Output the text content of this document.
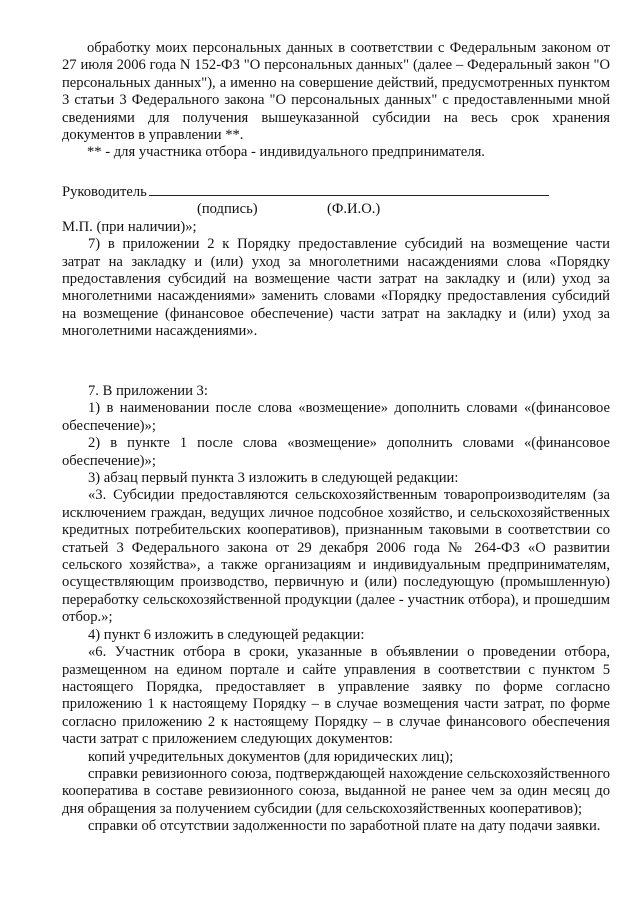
обработку моих персональных данных в соответствии с Федеральным законом от 27 июля 2006 года N 152-ФЗ "О персональных данных" (далее – Федеральный закон "О персональных данных"), а именно на совершение действий, предусмотренных пунктом 3 статьи 3 Федерального закона "О персональных данных" с предоставленными мной сведениями для получения вышеуказанной субсидии на весь срок хранения документов в управлении **.

** - для участника отбора - индивидуального предпринимателя.

Руководитель
(подпись)	(Ф.И.О.)
М.П. (при наличии)»;

7) в приложении 2 к Порядку предоставление субсидий на возмещение части затрат на закладку и (или) уход за многолетними насаждениями слова «Порядку предоставления субсидий на возмещение части затрат на закладку и (или) уход за многолетними насаждениями» заменить словами «Порядку предоставления субсидий на возмещение (финансовое обеспечение) части затрат на закладку и (или) уход за многолетними насаждениями».

7. В приложении 3:

1) в наименовании после слова «возмещение» дополнить словами «(финансовое обеспечение)»;

2) в пункте 1 после слова «возмещение» дополнить словами «(финансовое обеспечение)»;

3) абзац первый пункта 3 изложить в следующей редакции:

«3. Субсидии предоставляются сельскохозяйственным товаропроизводителям (за исключением граждан, ведущих личное подсобное хозяйство, и сельскохозяйственных кредитных потребительских кооперативов), признанным таковыми в соответствии со статьей 3 Федерального закона от 29 декабря 2006 года № 264-ФЗ «О развитии сельского хозяйства», а также организациям и индивидуальным предпринимателям, осуществляющим производство, первичную и (или) последующую (промышленную) переработку сельскохозяйственной продукции (далее - участник отбора), и прошедшим отбор.»;

4) пункт 6 изложить в следующей редакции:

«6. Участник отбора в сроки, указанные в объявлении о проведении отбора, размещенном на едином портале и сайте управления в соответствии с пунктом 5 настоящего Порядка, предоставляет в управление заявку по форме согласно приложению 1 к настоящему Порядку – в случае возмещения части затрат, по форме согласно приложению 2 к настоящему Порядку – в случае финансового обеспечения части затрат с приложением следующих документов:

копий учредительных документов (для юридических лиц);

справки ревизионного союза, подтверждающей нахождение сельскохозяйственного кооператива в составе ревизионного союза, выданной не ранее чем за один месяц до дня обращения за получением субсидии (для сельскохозяйственных кооперативов);

справки об отсутствии задолженности по заработной плате на дату подачи заявки.
